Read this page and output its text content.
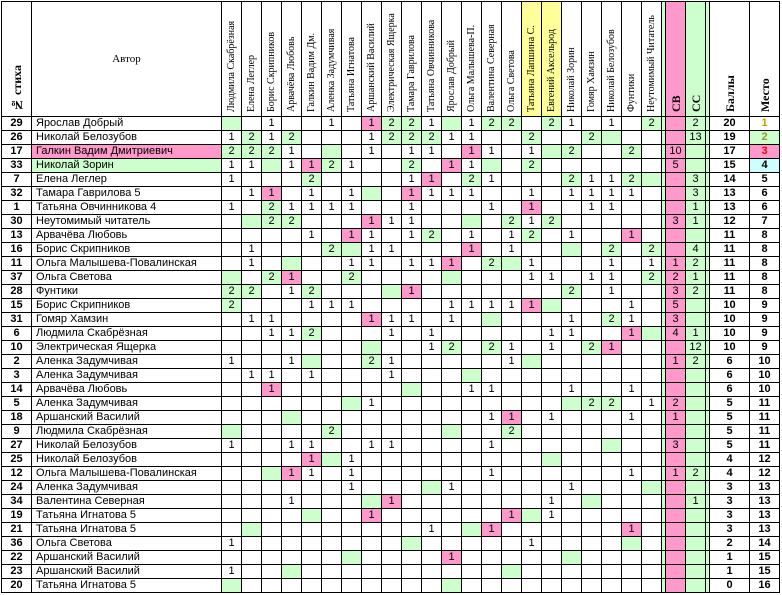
№ стиха	Автор	Людмила Скабрёзная	Елена Леглер	Борис Скрипников	Арвачёва Любовь	Галкин Вадим Дм.	Аленка Задумчивая	Татьяна Игнатова	Аршанский Василий	Электрическая Ящерка	Тамара Гаврилова	Татьяна Овчинникова	Ярослав Добрый	Ольга Малышева-П.	Валентина Северная	Ольга Светова	Татьяна Лапшина С.	Евгений Аксельрод	Николай Зорин	Гомяр Хамзин	Николай Белозубов	Фунтики	Неутомимый Читатель		СВ	СС		Баллы	Место
29	Ярослав Добрый			1			1		1	2	2	1		1	2	2		2	1		1		2			2		20	1
26	Николай Белозубов	1	2	1	2				1	2	2	2	1	1			2			2						13		19	2
17	Галкин Вадим Дмитриевич	2	2	2	1				1		1	1		1	1		1		2			2			10			17	3
33	Николай Зорин	1	1		1	1	2	1			2		1	1			2								5			15	4
7	Елена Леглер	1				2					1	1		2	1				2	1	1	2				3		14	5
32	Тамара Гаврилова 5		1	1		1		1			1	1	1	1			1		1	1	1	1				3		13	6
1	Татьяна Овчинникова 4	1		2	1	1	1	1			1				1		1			1	1					1		13	6
30	Неутомимый читатель			2	2				1	1	1					2	1	2							3	1		12	7
13	Арвачёва Любовь					1		1	1		1	2		1		1	2		1			1						11	8
16	Борис Скрипников		1				2		1	1				1		1					2		2			4		11	8
11	Ольга Малышева-Повалинская		1					1	1		1	1	1		2		1				1		1		1	2		11	8
37	Ольга Светова			2	1			2									1	1		1	1		2		2	1		11	8
28	Фунтики	2	2		1	2					1								2		1				3	2		11	8
15	Борис Скрипников	2				1	1	1					1	1	1	1	1					1			5			10	9
31	Гомяр Хамзин		1	1					1	1	1		1						1		2	1			3			10	9
6	Людмила Скабрёзная			1	1	2				1		1						1	1			1			4	1		10	9
10	Электрическая Ящерка											1	2		2	1		1		2	1					12		10	9
2	Аленка Задумчивая	1			1				2	1						1									1	2		6	10
3	Аленка Задумчивая		1	1		1				1																		6	10
14	Арвачёва Любовь			1										1	1				1			1						6	10
5	Аленка Задумчивая								1											2	2		1		2			5	11
18	Аршанский Василий														1	1		1				1			1			5	11
9	Людмила Скабрёзная						2									2												5	11
27	Николай Белозубов	1			1	1			1	1					1										3			5	11
25	Николай Белозубов					1		1																				4	12
12	Ольга Малышева-Повалинская				1	1		1							1							1			1	2		4	12
24	Аленка Задумчивая							1					1						1									3	13
34	Валентина Северная				1					1								1								1		3	13
19	Татьяна Игнатова 5								1							1		1										3	13
21	Татьяна Игнатова 5											1			1							1						3	13
36	Ольга Светова	1															1											2	14
22	Аршанский Василий												1															1	15
23	Аршанский Василий	1																										1	15
20	Татьяна Игнатова 5																											0	16
